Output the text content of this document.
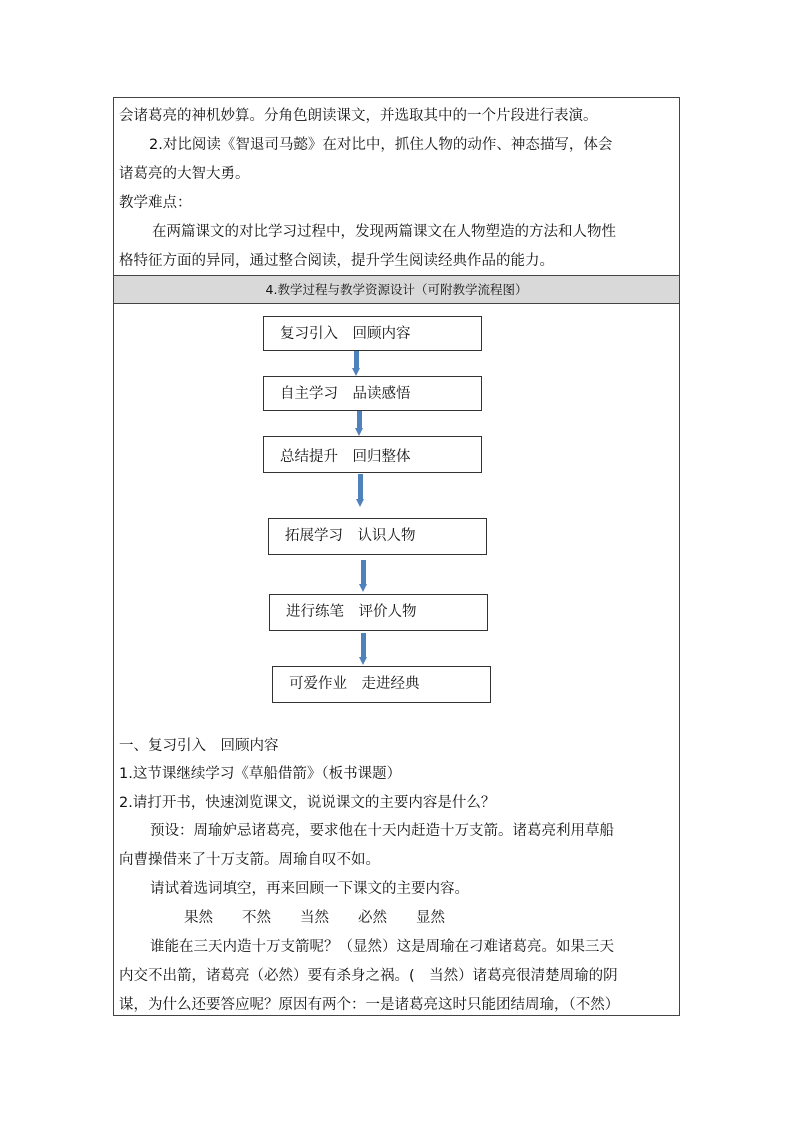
会诸葛亮的神机妙算。分角色朗读课文，并选取其中的一个片段进行表演。
2.对比阅读《智退司马懿》在对比中，抓住人物的动作、神态描写，体会
诸葛亮的大智大勇。
教学难点：
在两篇课文的对比学习过程中，发现两篇课文在人物塑造的方法和人物性
格特征方面的异同，通过整合阅读，提升学生阅读经典作品的能力。
4.教学过程与教学资源设计（可附教学流程图）
复习引入　回顾内容
自主学习　品读感悟
总结提升　回归整体
拓展学习　认识人物
进行练笔　评价人物
可爱作业　走进经典
一、复习引入　回顾内容
1.这节课继续学习《草船借箭》（板书课题）
2.请打开书，快速浏览课文，说说课文的主要内容是什么？
预设：周瑜妒忌诸葛亮，要求他在十天内赶造十万支箭。诸葛亮利用草船
向曹操借来了十万支箭。周瑜自叹不如。
请试着选词填空，再来回顾一下课文的主要内容。
果然　　不然　　当然　　必然　　显然
谁能在三天内造十万支箭呢？（显然）这是周瑜在刁难诸葛亮。如果三天
内交不出箭，诸葛亮（必然）要有杀身之祸。(　当然）诸葛亮很清楚周瑜的阴
谋，为什么还要答应呢？原因有两个：一是诸葛亮这时只能团结周瑜，（不然）
